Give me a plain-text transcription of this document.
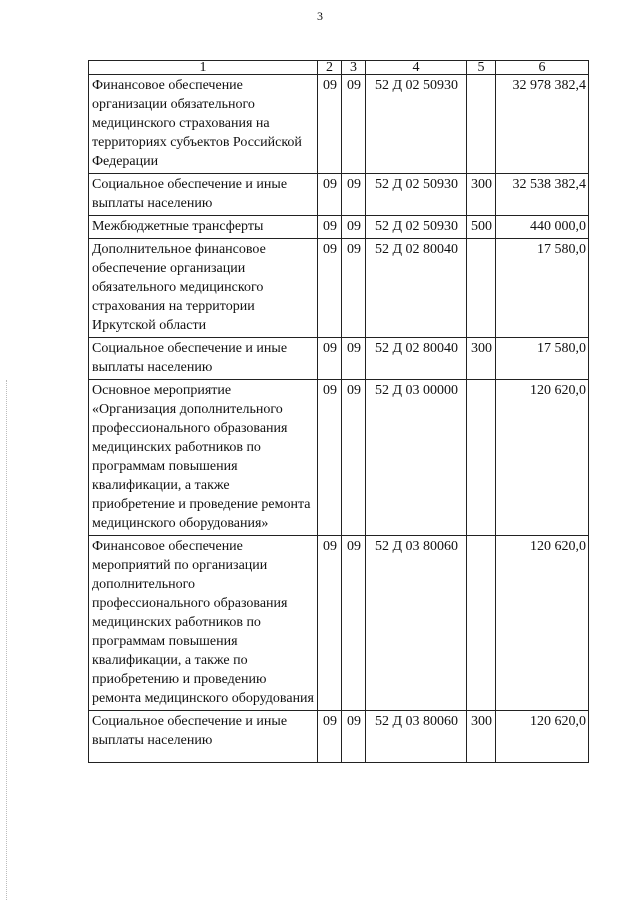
3
1	2	3	4	5	6
Финансовое обеспечение организации обязательного медицинского страхования на территориях субъектов Российской Федерации	09	09	52 Д 02 50930		32 978 382,4
Социальное обеспечение и иные выплаты населению	09	09	52 Д 02 50930	300	32 538 382,4
Межбюджетные трансферты	09	09	52 Д 02 50930	500	440 000,0
Дополнительное финансовое обеспечение организации обязательного медицинского страхования на территории Иркутской области	09	09	52 Д 02 80040		17 580,0
Социальное обеспечение и иные выплаты населению	09	09	52 Д 02 80040	300	17 580,0
Основное мероприятие «Организация дополнительного профессионального образования медицинских работников по программам повышения квалификации, а также приобретение и проведение ремонта медицинского оборудования»	09	09	52 Д 03 00000		120 620,0
Финансовое обеспечение мероприятий по организации дополнительного профессионального образования медицинских работников по программам повышения квалификации, а также по приобретению и проведению ремонта медицинского оборудования	09	09	52 Д 03 80060		120 620,0
Социальное обеспечение и иные выплаты населению	09	09	52 Д 03 80060	300	120 620,0
